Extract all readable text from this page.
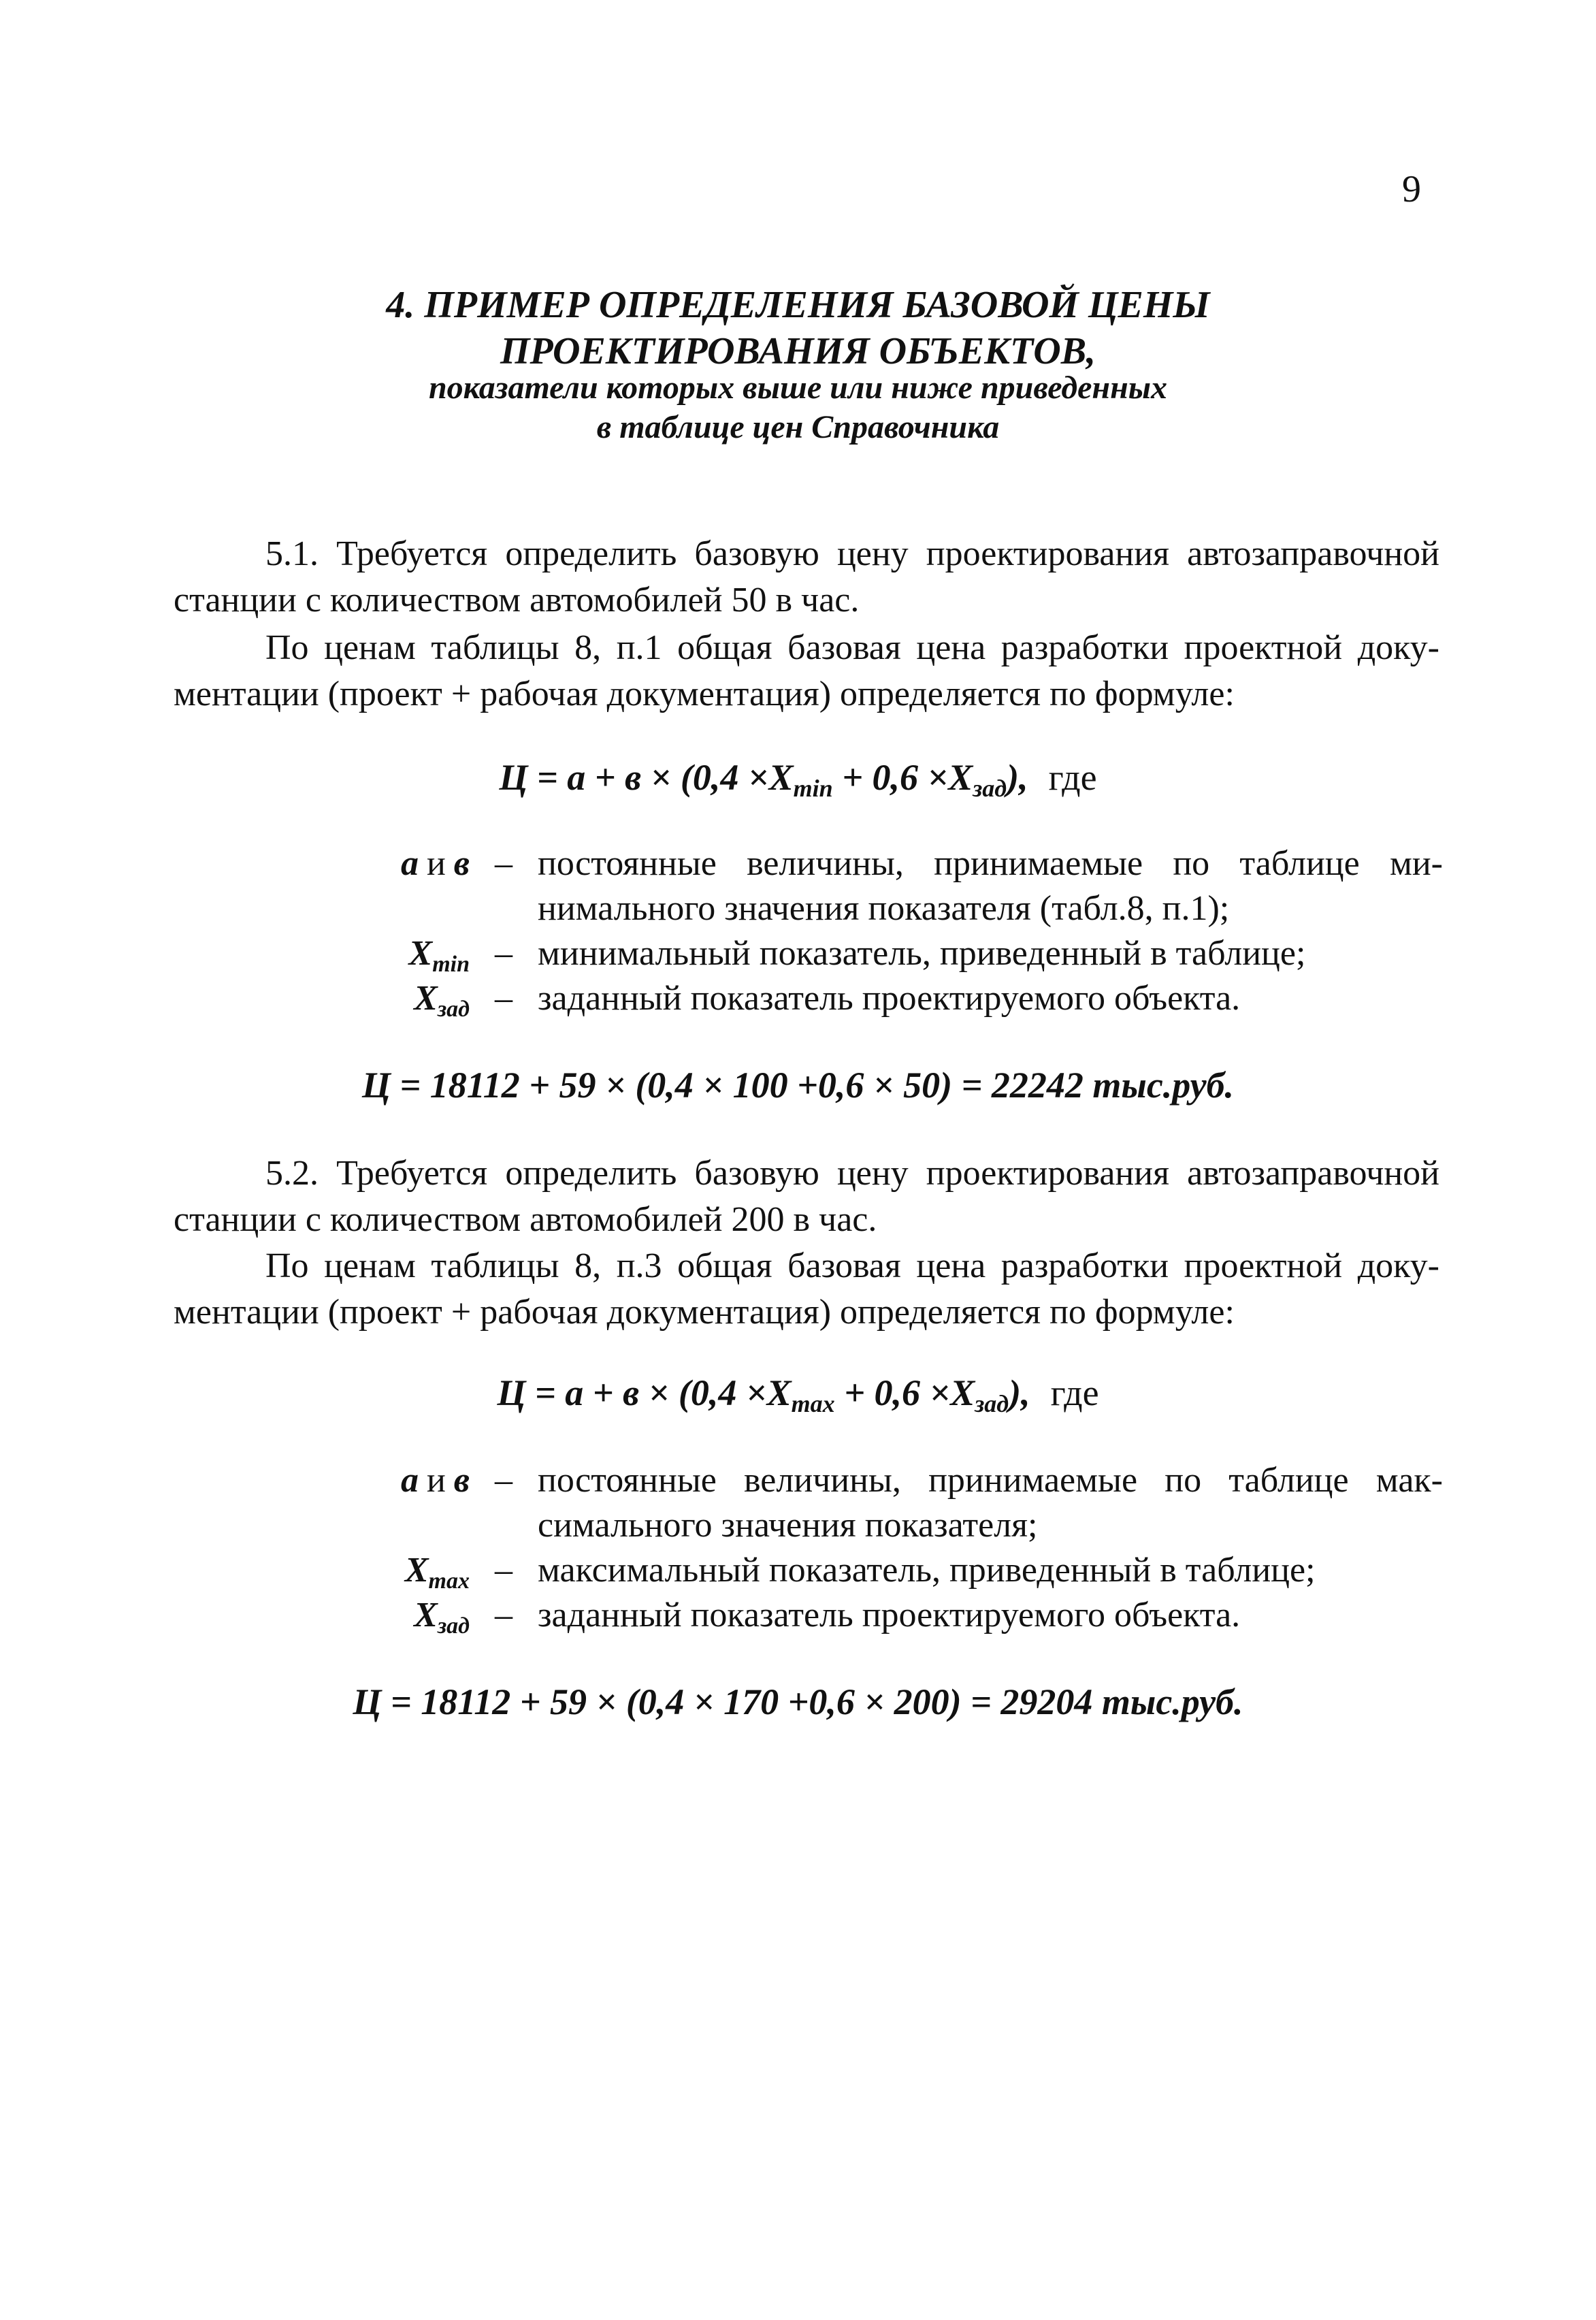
9
4. ПРИМЕР ОПРЕДЕЛЕНИЯ БАЗОВОЙ ЦЕНЫ
ПРОЕКТИРОВАНИЯ ОБЪЕКТОВ,
показатели которых выше или ниже приведенных
в таблице цен Справочника

5.1. Требуется определить базовую цену проектирования автозаправочной

станции с количеством автомобилей 50 в час.

По ценам таблицы 8, п.1 общая базовая цена разработки проектной доку-

ментации (проект + рабочая документация) определяется по формуле:

$Ц = а + в \times (0,4 \times X_{min} + 0,6 \times X_{зад})$, где
а и в – постоянные величины, принимаемые по таблице ми-
нимального значения показателя (табл.8, п.1);
$X_{min}$ – минимальный показатель, приведенный в таблице;
$X_{зад}$ – заданный показатель проектируемого объекта.
Ц = 18112 + 59 × (0,4 × 100 +0,6 × 50) = 22242 тыс.руб.

5.2. Требуется определить базовую цену проектирования автозаправочной

станции с количеством автомобилей 200 в час.

По ценам таблицы 8, п.3 общая базовая цена разработки проектной доку-

ментации (проект + рабочая документация) определяется по формуле:

$Ц = а + в \times (0,4 \times X_{max} + 0,6 \times X_{зад})$, где
а и в – постоянные величины, принимаемые по таблице мак-
симального значения показателя;
$X_{max}$ – максимальный показатель, приведенный в таблице;
$X_{зад}$ – заданный показатель проектируемого объекта.
Ц = 18112 + 59 × (0,4 × 170 +0,6 × 200) = 29204 тыс.руб.
